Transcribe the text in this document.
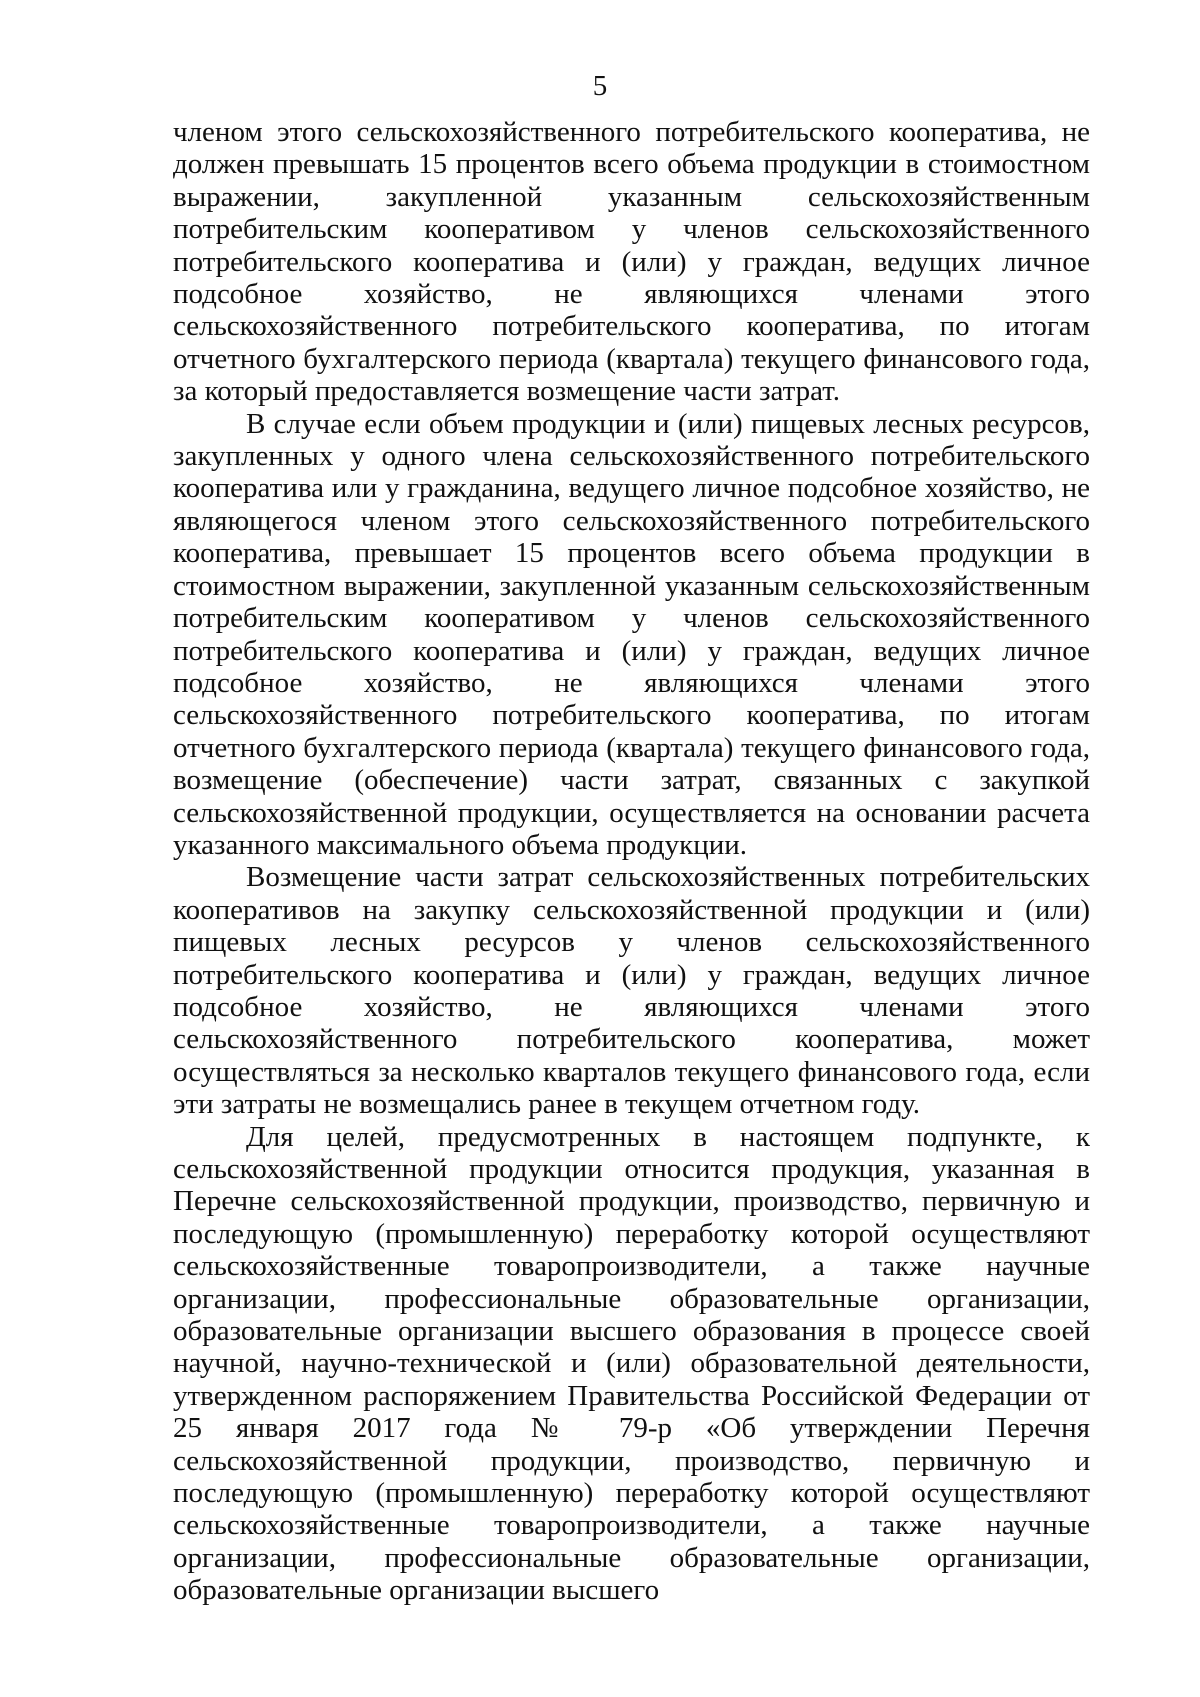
5

членом этого сельскохозяйственного потребительского кооператива, не должен превышать 15 процентов всего объема продукции в стоимостном выражении, закупленной указанным сельскохозяйственным потребительским кооперативом у членов сельскохозяйственного потребительского кооператива и (или) у граждан, ведущих личное подсобное хозяйство, не являющихся членами этого сельскохозяйственного потребительского кооператива, по итогам отчетного бухгалтерского периода (квартала) текущего финансового года, за который предоставляется возмещение части затрат.

В случае если объем продукции и (или) пищевых лесных ресурсов, закупленных у одного члена сельскохозяйственного потребительского кооператива или у гражданина, ведущего личное подсобное хозяйство, не являющегося членом этого сельскохозяйственного потребительского кооператива, превышает 15 процентов всего объема продукции в стоимостном выражении, закупленной указанным сельскохозяйственным потребительским кооперативом у членов сельскохозяйственного потребительского кооператива и (или) у граждан, ведущих личное подсобное хозяйство, не являющихся членами этого сельскохозяйственного потребительского кооператива, по итогам отчетного бухгалтерского периода (квартала) текущего финансового года, возмещение (обеспечение) части затрат, связанных с закупкой сельскохозяйственной продукции, осуществляется на основании расчета указанного максимального объема продукции.

Возмещение части затрат сельскохозяйственных потребительских кооперативов на закупку сельскохозяйственной продукции и (или) пищевых лесных ресурсов у членов сельскохозяйственного потребительского кооператива и (или) у граждан, ведущих личное подсобное хозяйство, не являющихся членами этого сельскохозяйственного потребительского кооператива, может осуществляться за несколько кварталов текущего финансового года, если эти затраты не возмещались ранее в текущем отчетном году.

Для целей, предусмотренных в настоящем подпункте, к сельскохозяйственной продукции относится продукция, указанная в Перечне сельскохозяйственной продукции, производство, первичную и последующую (промышленную) переработку которой осуществляют сельскохозяйственные товаропроизводители, а также научные организации, профессиональные образовательные организации, образовательные организации высшего образования в процессе своей научной, научно-технической и (или) образовательной деятельности, утвержденном распоряжением Правительства Российской Федерации от 25 января 2017 года № 79-р «Об утверждении Перечня сельскохозяйственной продукции, производство, первичную и последующую (промышленную) переработку которой осуществляют сельскохозяйственные товаропроизводители, а также научные организации, профессиональные образовательные организации, образовательные организации высшего
